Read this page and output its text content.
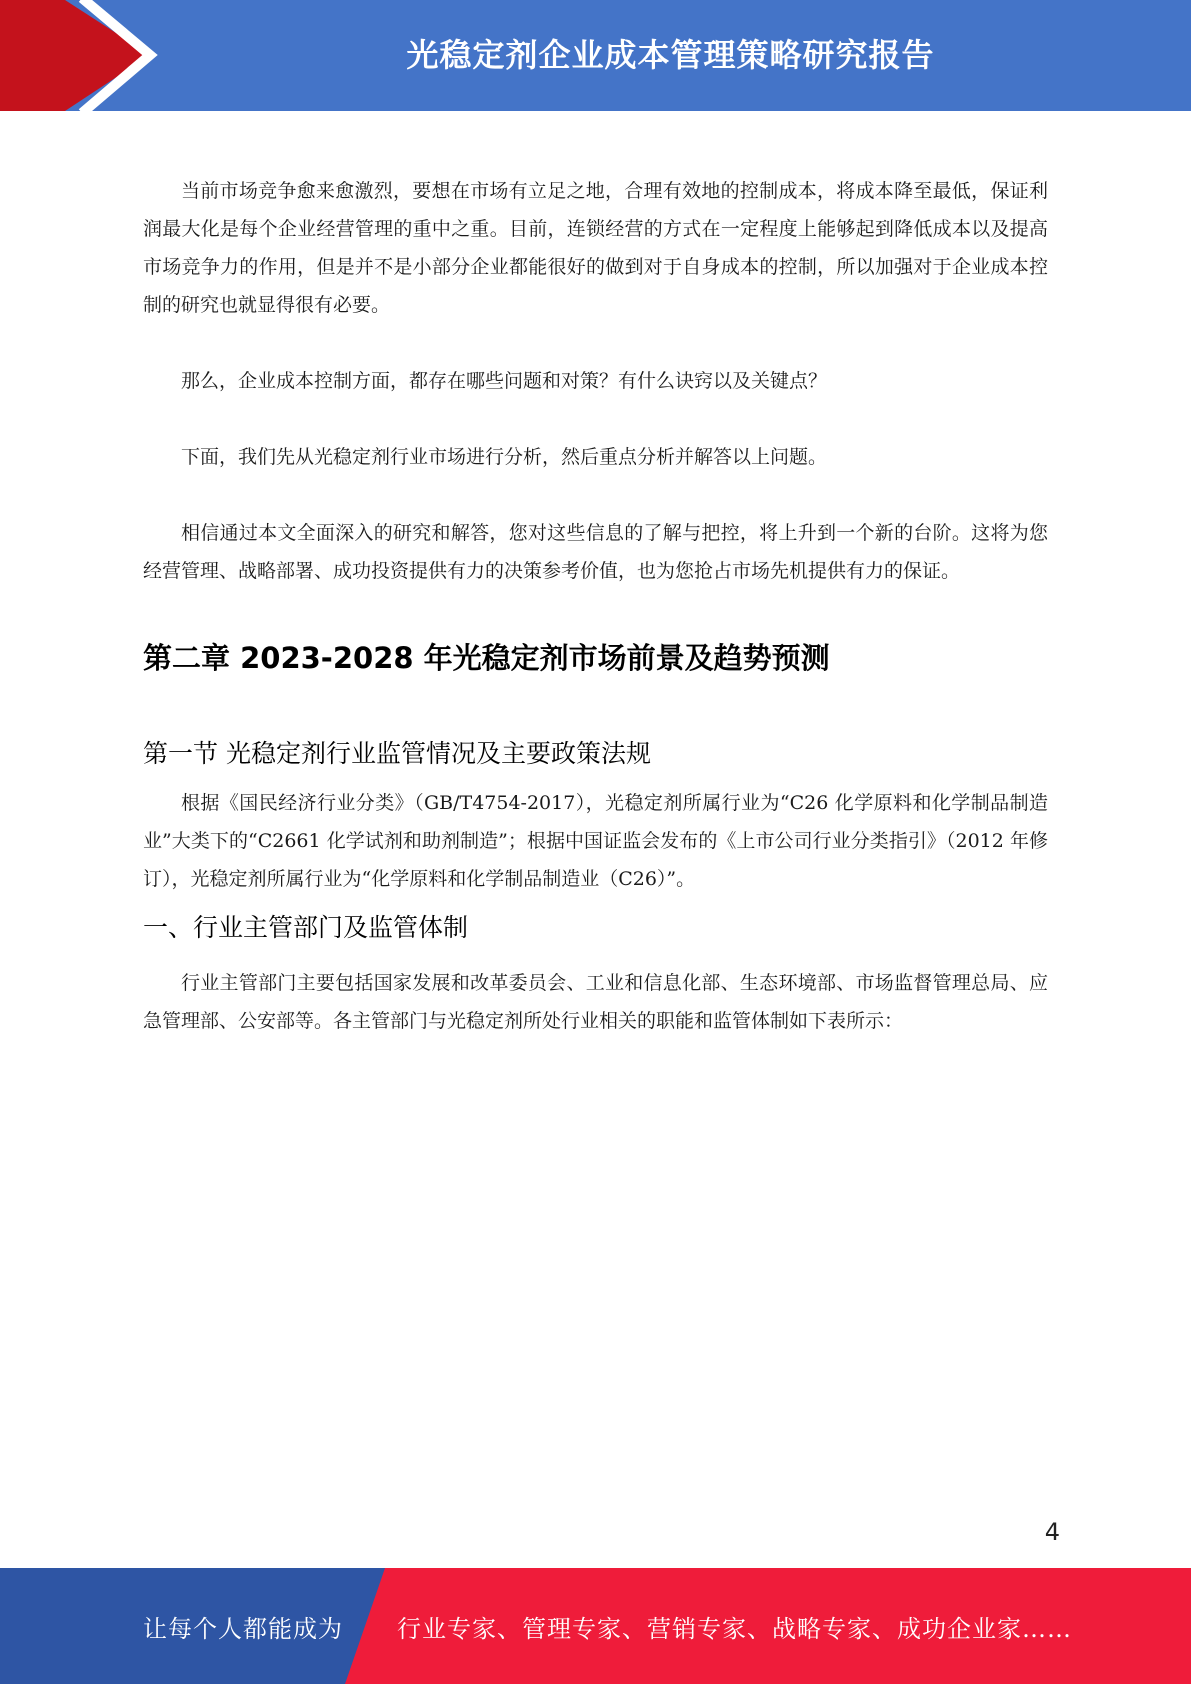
光稳定剂企业成本管理策略研究报告

当前市场竞争愈来愈激烈，要想在市场有立足之地，合理有效地的控制成本，将成本降至最低，保证利润最大化是每个企业经营管理的重中之重。目前，连锁经营的方式在一定程度上能够起到降低成本以及提高市场竞争力的作用，但是并不是小部分企业都能很好的做到对于自身成本的控制，所以加强对于企业成本控制的研究也就显得很有必要。

那么，企业成本控制方面，都存在哪些问题和对策？有什么诀窍以及关键点？

下面，我们先从光稳定剂行业市场进行分析，然后重点分析并解答以上问题。

相信通过本文全面深入的研究和解答，您对这些信息的了解与把控，将上升到一个新的台阶。这将为您经营管理、战略部署、成功投资提供有力的决策参考价值，也为您抢占市场先机提供有力的保证。

第二章 2023-2028 年光稳定剂市场前景及趋势预测
第一节 光稳定剂行业监管情况及主要政策法规

根据《国民经济行业分类》（GB/T4754-2017），光稳定剂所属行业为“C26 化学原料和化学制品制造业”大类下的“C2661 化学试剂和助剂制造”；根据中国证监会发布的《上市公司行业分类指引》（2012 年修订），光稳定剂所属行业为“化学原料和化学制品制造业（C26）”。

一、行业主管部门及监管体制

行业主管部门主要包括国家发展和改革委员会、工业和信息化部、生态环境部、市场监督管理总局、应急管理部、公安部等。各主管部门与光稳定剂所处行业相关的职能和监管体制如下表所示：

4
让每个人都能成为 行业专家、管理专家、营销专家、战略专家、成功企业家……
